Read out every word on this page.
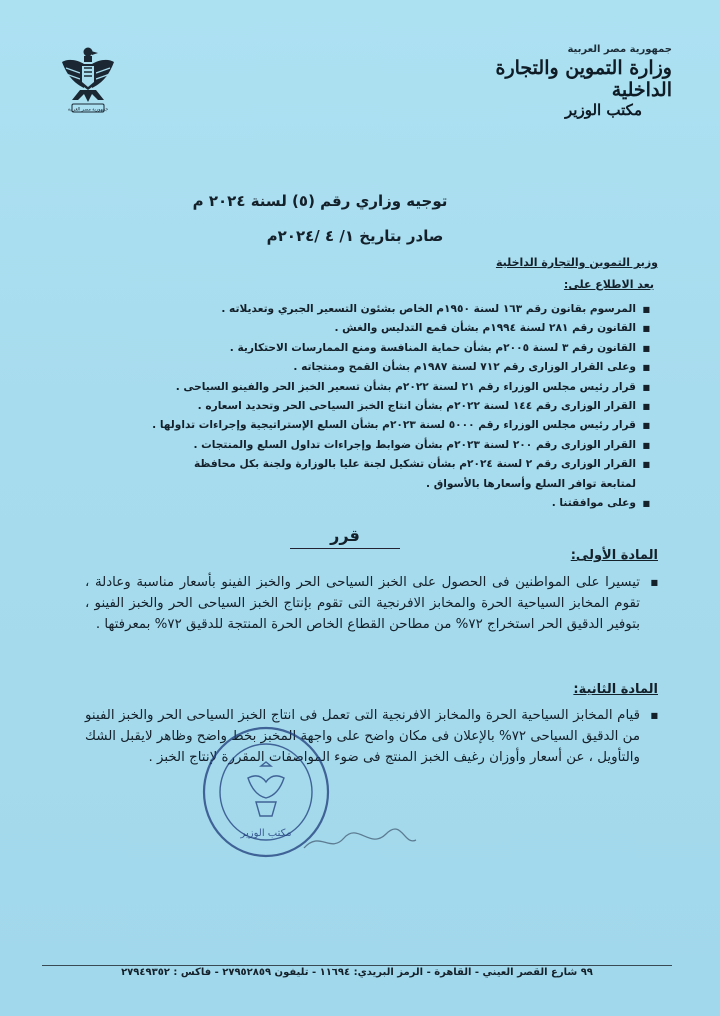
جمهورية مصر العربية
وزارة التموين والتجارة الداخلية
مكتب الوزير
جمهورية مصر العربية
توجيه وزاري رقم (٥) لسنة ٢٠٢٤ م
صادر بتاريخ ١/ ٤ /٢٠٢٤م
وزير التموين والتجارة الداخلية
بعد الاطلاع على:
■ المرسوم بقانون رقم ١٦٣ لسنة ١٩٥٠م الخاص بشئون التسعير الجبري وتعديلاته .
■ القانون رقم ٢٨١ لسنة ١٩٩٤م بشأن قمع التدليس والغش .
■ القانون رقم ٣ لسنة ٢٠٠٥م بشأن حماية المنافسة ومنع الممارسات الاحتكارية .
■ وعلى القرار الوزارى رقم ٧١٢ لسنة ١٩٨٧م بشأن القمح ومنتجاته .
■ قرار رئيس مجلس الوزراء رقم ٢١ لسنة ٢٠٢٢م بشأن تسعير الخبز الحر والفينو السياحى .
■ القرار الوزارى رقم ١٤٤ لسنة ٢٠٢٢م بشأن انتاج الخبز السياحى الحر وتحديد اسعاره .
■ قرار رئيس مجلس الوزراء رقم ٥٠٠٠ لسنة ٢٠٢٣م بشأن السلع الإستراتيجية وإجراءات تداولها .
■ القرار الوزارى رقم ٢٠٠ لسنة ٢٠٢٣م بشأن ضوابط وإجراءات تداول السلع والمنتجات .
■ القرار الوزارى رقم ٢ لسنة ٢٠٢٤م بشأن تشكيل لجنة عليا بالوزارة ولجنة بكل محافظة
لمتابعة توافر السلع وأسعارها بالأسواق .
■ وعلى موافقتنا .
قرر
المادة الأولى:
■
تيسيرا على المواطنين فى الحصول على الخبز السياحى الحر والخبز الفينو بأسعار مناسبة وعادلة ، تقوم المخابز السياحية الحرة والمخابز الافرنجية التى تقوم بإنتاج الخبز السياحى الحر والخبز الفينو ، بتوفير الدقيق الحر استخراج ٧٢% من مطاحن القطاع الخاص الحرة المنتجة للدقيق ٧٢% بمعرفتها .
المادة الثانية:
■
قيام المخابز السياحية الحرة والمخابز الافرنجية التى تعمل فى انتاج الخبز السياحى الحر والخبز الفينو من الدقيق السياحى ٧٢% بالإعلان فى مكان واضح على واجهة المخبز بخط واضح وظاهر لايقبل الشك والتأويل ، عن أسعار وأوزان رغيف الخبز المنتج فى ضوء المواصفات المقررة لإنتاج الخبز .
مكتب الوزير
٩٩ شارع القصر العيني - القاهرة - الرمز البريدي: ١١٦٩٤ - تليفون ٢٧٩٥٢٨٥٩ - فاكس : ٢٧٩٤٩٣٥٢
